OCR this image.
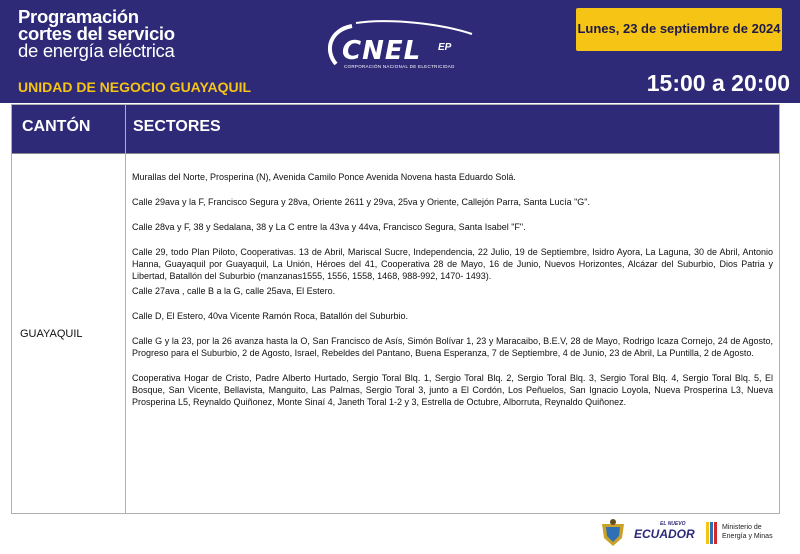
Programación
cortes del servicio
de energía eléctrica
UNIDAD DE NEGOCIO GUAYAQUIL
CNEL EP
CORPORACIÓN NACIONAL DE ELECTRICIDAD
Lunes, 23 de septiembre de 2024
15:00 a 20:00
CANTÓN	SECTORES
GUAYAQUIL
Murallas del Norte, Prosperina (N), Avenida Camilo Ponce Avenida Novena hasta Eduardo Solá.
Calle 29ava y la F, Francisco Segura y 28va, Oriente 2611 y 29va, 25va y Oriente, Callejón Parra, Santa Lucía "G".
Calle 28va y F, 38 y Sedalana, 38 y La C entre la 43va y 44va, Francisco Segura, Santa Isabel "F".
Calle 29, todo Plan Piloto, Cooperativas. 13 de Abril, Mariscal Sucre, Independencia, 22 Julio, 19 de Septiembre, Isidro Ayora, La Laguna, 30 de Abril, Antonio Hanna, Guayaquil por Guayaquil, La Unión, Héroes del 41, Cooperativa 28 de Mayo, 16 de Junio, Nuevos Horizontes, Alcázar del Suburbio, Dios Patria y Libertad, Batallón del Suburbio (manzanas1555, 1556, 1558, 1468, 988-992, 1470- 1493).
Calle 27ava , calle B a la G, calle 25ava, El Estero.
Calle D, El Estero, 40va Vicente Ramón Roca, Batallón del Suburbio.
Calle G y la 23, por la 26 avanza hasta la O, San Francisco de Asís, Simón Bolívar 1, 23 y Maracaibo, B.E.V, 28 de Mayo, Rodrigo Icaza Cornejo, 24 de Agosto, Progreso para el Suburbio, 2 de Agosto, Israel, Rebeldes del Pantano, Buena Esperanza, 7 de Septiembre, 4 de Junio, 23 de Abril, La Puntilla, 2 de Agosto.
Cooperativa Hogar de Cristo, Padre Alberto Hurtado, Sergio Toral Blq. 1, Sergio Toral Blq. 2, Sergio Toral Blq. 3, Sergio Toral Blq. 4, Sergio Toral Blq. 5, El Bosque, San Vicente, Bellavista, Manguito, Las Palmas, Sergio Toral 3, junto a El Cordón, Los Peñuelos, San Ignacio Loyola, Nueva Prosperina L3, Nueva Prosperina L5, Reynaldo Quiñonez, Monte Sinaí 4, Janeth Toral 1-2 y 3, Estrella de Octubre, Alborruta, Reynaldo Quiñonez.
EL NUEVO
ECUADOR	Ministerio de
Energía y Minas
